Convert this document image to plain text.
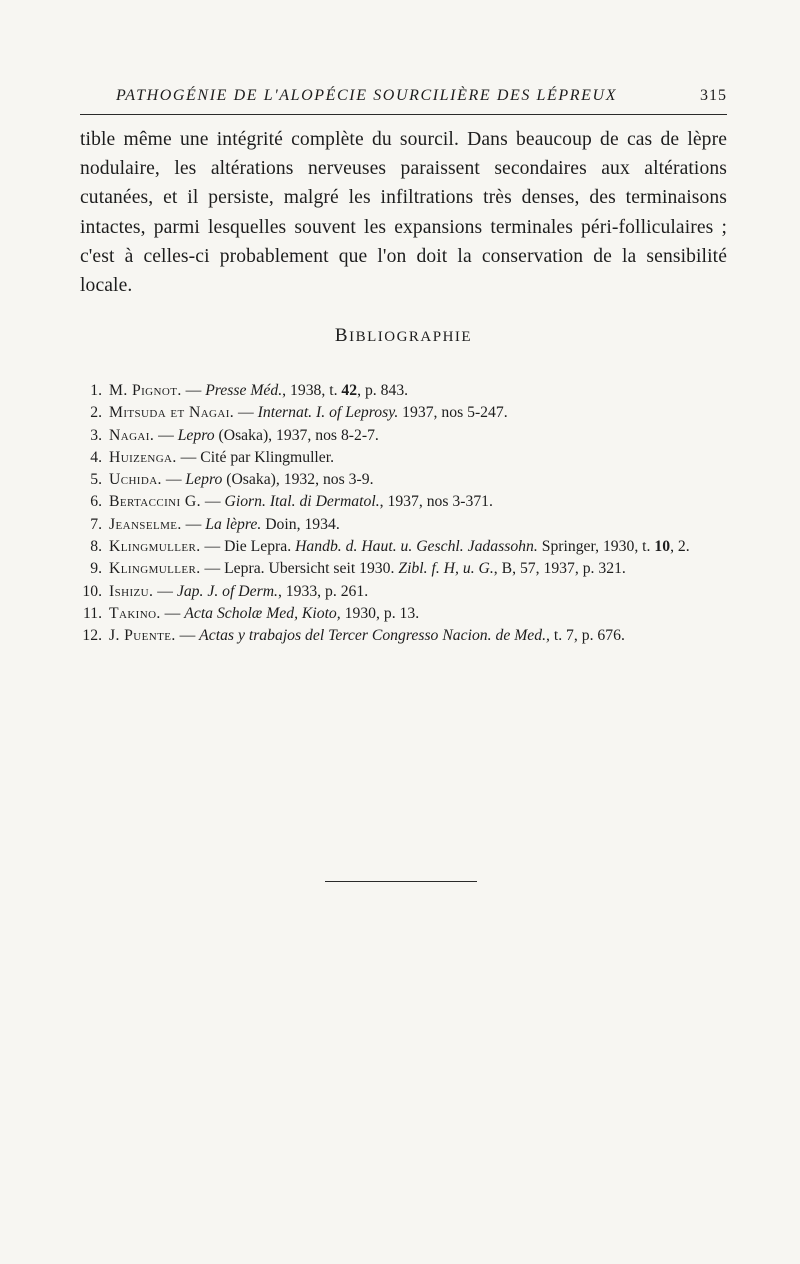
PATHOGÉNIE DE L'ALOPÉCIE SOURCILIÈRE DES LÉPREUX	315

tible même une intégrité complète du sourcil. Dans beaucoup de cas de lèpre nodulaire, les altérations nerveuses paraissent secondaires aux altérations cutanées, et il persiste, malgré les infiltrations très denses, des terminaisons intactes, parmi lesquelles souvent les expansions terminales péri-folliculaires ; c'est à celles-ci probablement que l'on doit la conservation de la sensibilité locale.

BIBLIOGRAPHIE
1. M. Pignot. — Presse Méd., 1938, t. 42, p. 843.
2. Mitsuda et Nagai. — Internat. I. of Leprosy. 1937, nos 5-247.
3. Nagai. — Lepro (Osaka), 1937, nos 8-2-7.
4. Huizenga. — Cité par Klingmuller.
5. Uchida. — Lepro (Osaka), 1932, nos 3-9.
6. Bertaccini G. — Giorn. Ital. di Dermatol., 1937, nos 3-371.
7. Jeanselme. — La lèpre. Doin, 1934.
8. Klingmuller. — Die Lepra. Handb. d. Haut. u. Geschl. Jadassohn. Springer, 1930, t. 10, 2.
9. Klingmuller. — Lepra. Ubersicht seit 1930. Zibl. f. H, u. G., B, 57, 1937, p. 321.
10. Ishizu. — Jap. J. of Derm., 1933, p. 261.
11. Takino. — Acta Scholæ Med, Kioto, 1930, p. 13.
12. J. Puente. — Actas y trabajos del Tercer Congresso Nacion. de Med., t. 7, p. 676.
